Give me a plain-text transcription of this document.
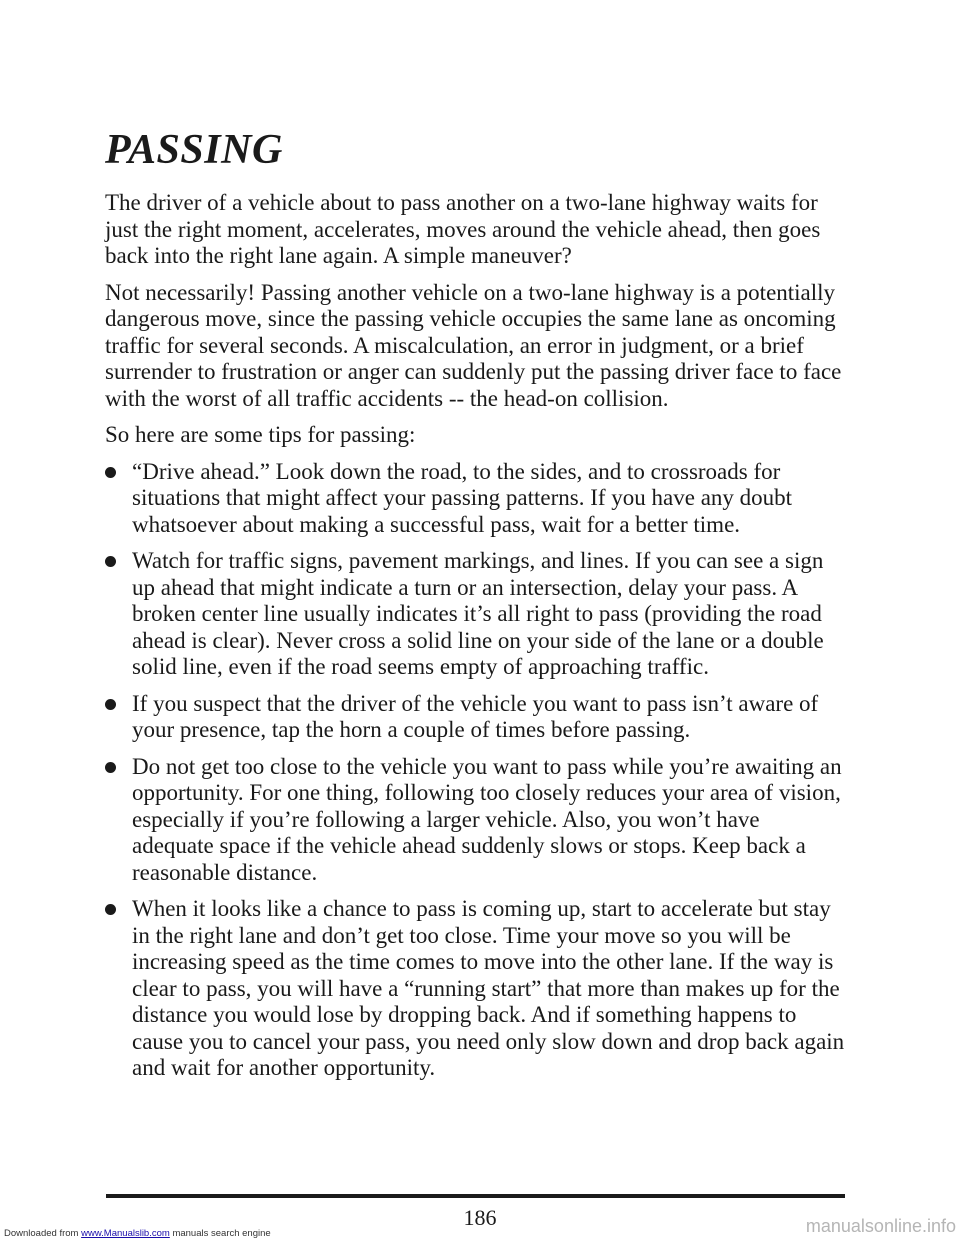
PASSING

The driver of a vehicle about to pass another on a two-lane highway waits for just the right moment, accelerates, moves around the vehicle ahead, then goes back into the right lane again. A simple maneuver?

Not necessarily! Passing another vehicle on a two-lane highway is a potentially dangerous move, since the passing vehicle occupies the same lane as oncoming traffic for several seconds. A miscalculation, an error in judgment, or a brief surrender to frustration or anger can suddenly put the passing driver face to face with the worst of all traffic accidents -- the head-on collision.

So here are some tips for passing:

“Drive ahead.” Look down the road, to the sides, and to crossroads for situations that might affect your passing patterns. If you have any doubt whatsoever about making a successful pass, wait for a better time.
Watch for traffic signs, pavement markings, and lines. If you can see a sign up ahead that might indicate a turn or an intersection, delay your pass. A broken center line usually indicates it’s all right to pass (providing the road ahead is clear). Never cross a solid line on your side of the lane or a double solid line, even if the road seems empty of approaching traffic.
If you suspect that the driver of the vehicle you want to pass isn’t aware of your presence, tap the horn a couple of times before passing.
Do not get too close to the vehicle you want to pass while you’re awaiting an opportunity. For one thing, following too closely reduces your area of vision, especially if you’re following a larger vehicle. Also, you won’t have adequate space if the vehicle ahead suddenly slows or stops. Keep back a reasonable distance.
When it looks like a chance to pass is coming up, start to accelerate but stay in the right lane and don’t get too close. Time your move so you will be increasing speed as the time comes to move into the other lane. If the way is clear to pass, you will have a “running start” that more than makes up for the distance you would lose by dropping back. And if something happens to cause you to cancel your pass, you need only slow down and drop back again and wait for another opportunity.
186
Downloaded from www.Manualslib.com manuals search engine	manualsonline.info
